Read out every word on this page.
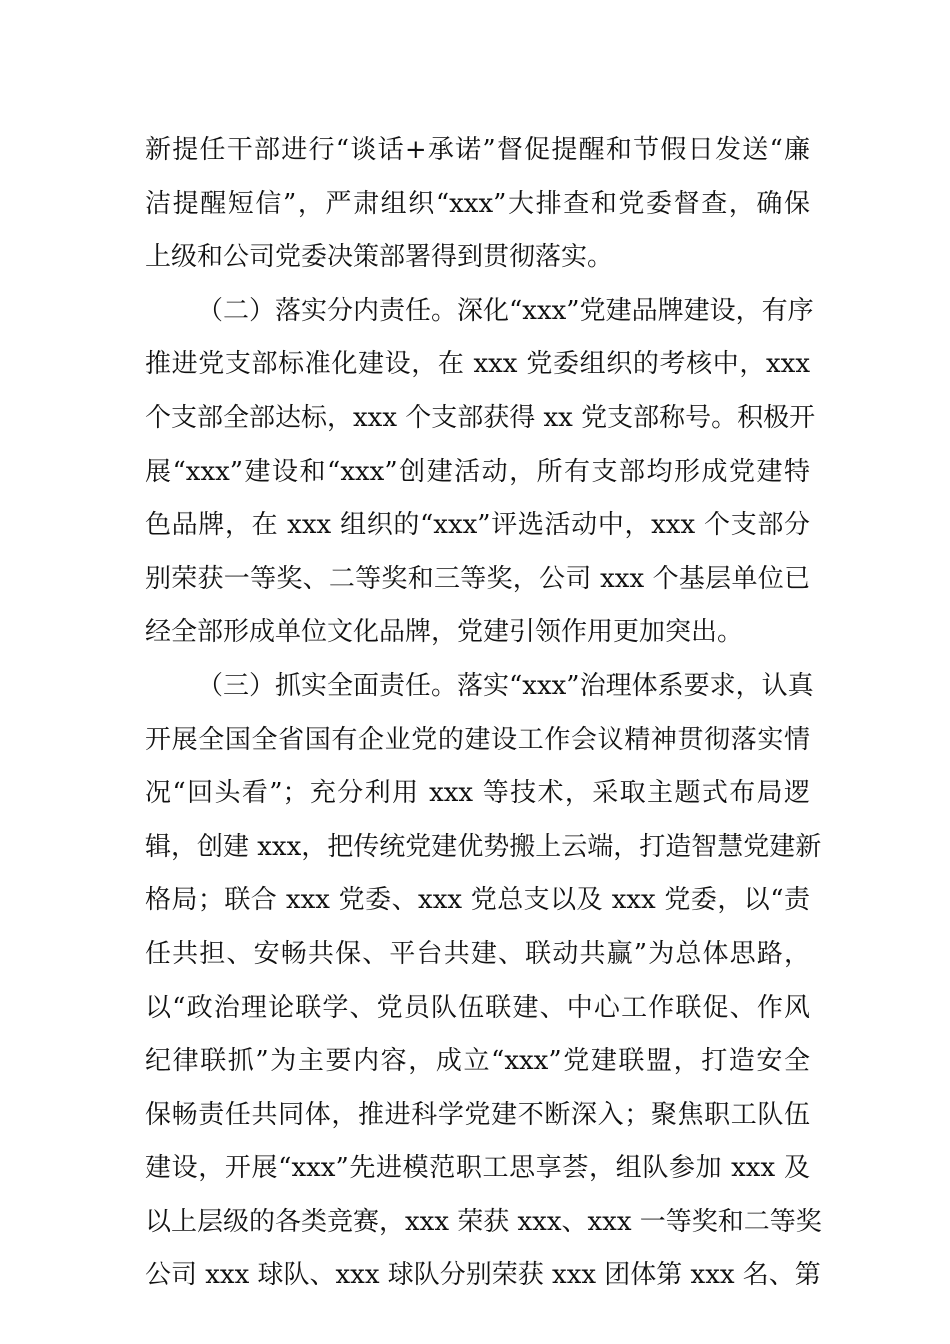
新提任干部进行“谈话+承诺”督促提醒和节假日发送“廉
洁提醒短信”，严肃组织“xxx”大排查和党委督查，确保
上级和公司党委决策部署得到贯彻落实。
（二）落实分内责任。深化“xxx”党建品牌建设，有序
推进党支部标准化建设，在 xxx 党委组织的考核中，xxx
个支部全部达标，xxx 个支部获得 xx 党支部称号。积极开
展“xxx”建设和“xxx”创建活动，所有支部均形成党建特
色品牌，在 xxx 组织的“xxx”评选活动中，xxx 个支部分
别荣获一等奖、二等奖和三等奖，公司 xxx 个基层单位已
经全部形成单位文化品牌，党建引领作用更加突出。
（三）抓实全面责任。落实“xxx”治理体系要求，认真
开展全国全省国有企业党的建设工作会议精神贯彻落实情
况“回头看”；充分利用 xxx 等技术，采取主题式布局逻
辑，创建 xxx，把传统党建优势搬上云端，打造智慧党建新
格局；联合 xxx 党委、xxx 党总支以及 xxx 党委，以“责
任共担、安畅共保、平台共建、联动共赢”为总体思路，
以“政治理论联学、党员队伍联建、中心工作联促、作风
纪律联抓”为主要内容，成立“xxx”党建联盟，打造安全
保畅责任共同体，推进科学党建不断深入；聚焦职工队伍
建设，开展“xxx”先进模范职工思享荟，组队参加 xxx 及
以上层级的各类竞赛，xxx 荣获 xxx、xxx 一等奖和二等奖
公司 xxx 球队、xxx 球队分别荣获 xxx 团体第 xxx 名、第
